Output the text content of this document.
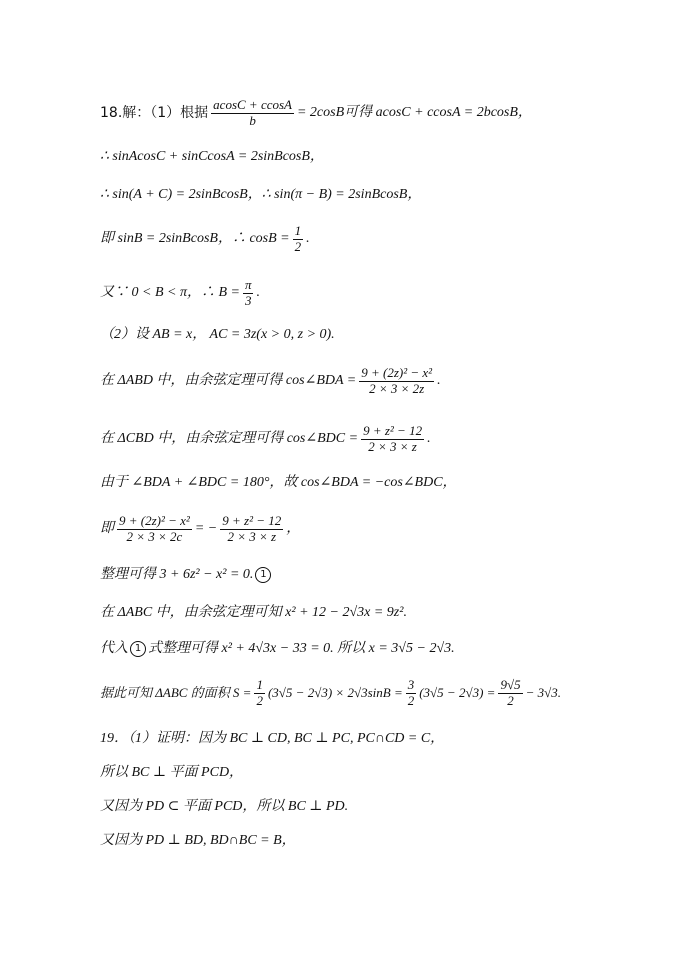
18.解：（1）根据 $\frac{acosC + ccosA}{b} = 2\cos B$可得 acosC + ccosA = 2bcosB，
∴ sinAcosC + sinCcosA = 2sinBcosB，
∴ sin(A + C) = 2sinBcosB，∴ sin(π − B) = 2sinBcosB，
即 sinB = 2sinBcosB，∴ $\cos B = \frac{1}{2}$ .
又∵ 0 < B < π，∴ $B = \frac{\pi}{3}$ .
（2）设 AB = x， AC = 3z(x > 0, z > 0).
在 ΔABD 中，由余弦定理可得 cos∠BDA = $\frac{\text{9 + (2z)² − x²}}{2 \times 3 \times 2z}$ .
在 ΔCBD 中，由余弦定理可得 cos∠BDC = $\frac{\text{9 + z² − 12}}{2 \times 3 \times z}$ .
由于 ∠BDA + ∠BDC = 180°，故 cos∠BDA = −cos∠BDC，
即 $\frac{\text{9 + (2z)² − x²}}{2 \times 3 \times 2c}$ = − $\frac{\text{9 + z² − 12}}{2 \times 3 \times z}$ ，
整理可得 3 + 6z² − x² = 0. 1
在 ΔABC 中，由余弦定理可知 x² + 12 − 2√3x = 9z².
代入 1 式整理可得 x² + 4√3x − 33 = 0. 所以 x = 3√5 − 2√3.
据此可知 ΔABC 的面积 $S = \frac{1}{2} (3√5 - 2√3) \times 2√3\sin B = \frac{3}{2} (3√5 - 2√3) = \frac{9√5}{2} - 3√3$.
19．（1）证明：因为 BC ⊥ CD, BC ⊥ PC, PC∩CD = C，
所以 BC ⊥ 平面 PCD，
又因为 PD ⊂ 平面 PCD，所以 BC ⊥ PD.
又因为 PD ⊥ BD, BD∩BC = B，
